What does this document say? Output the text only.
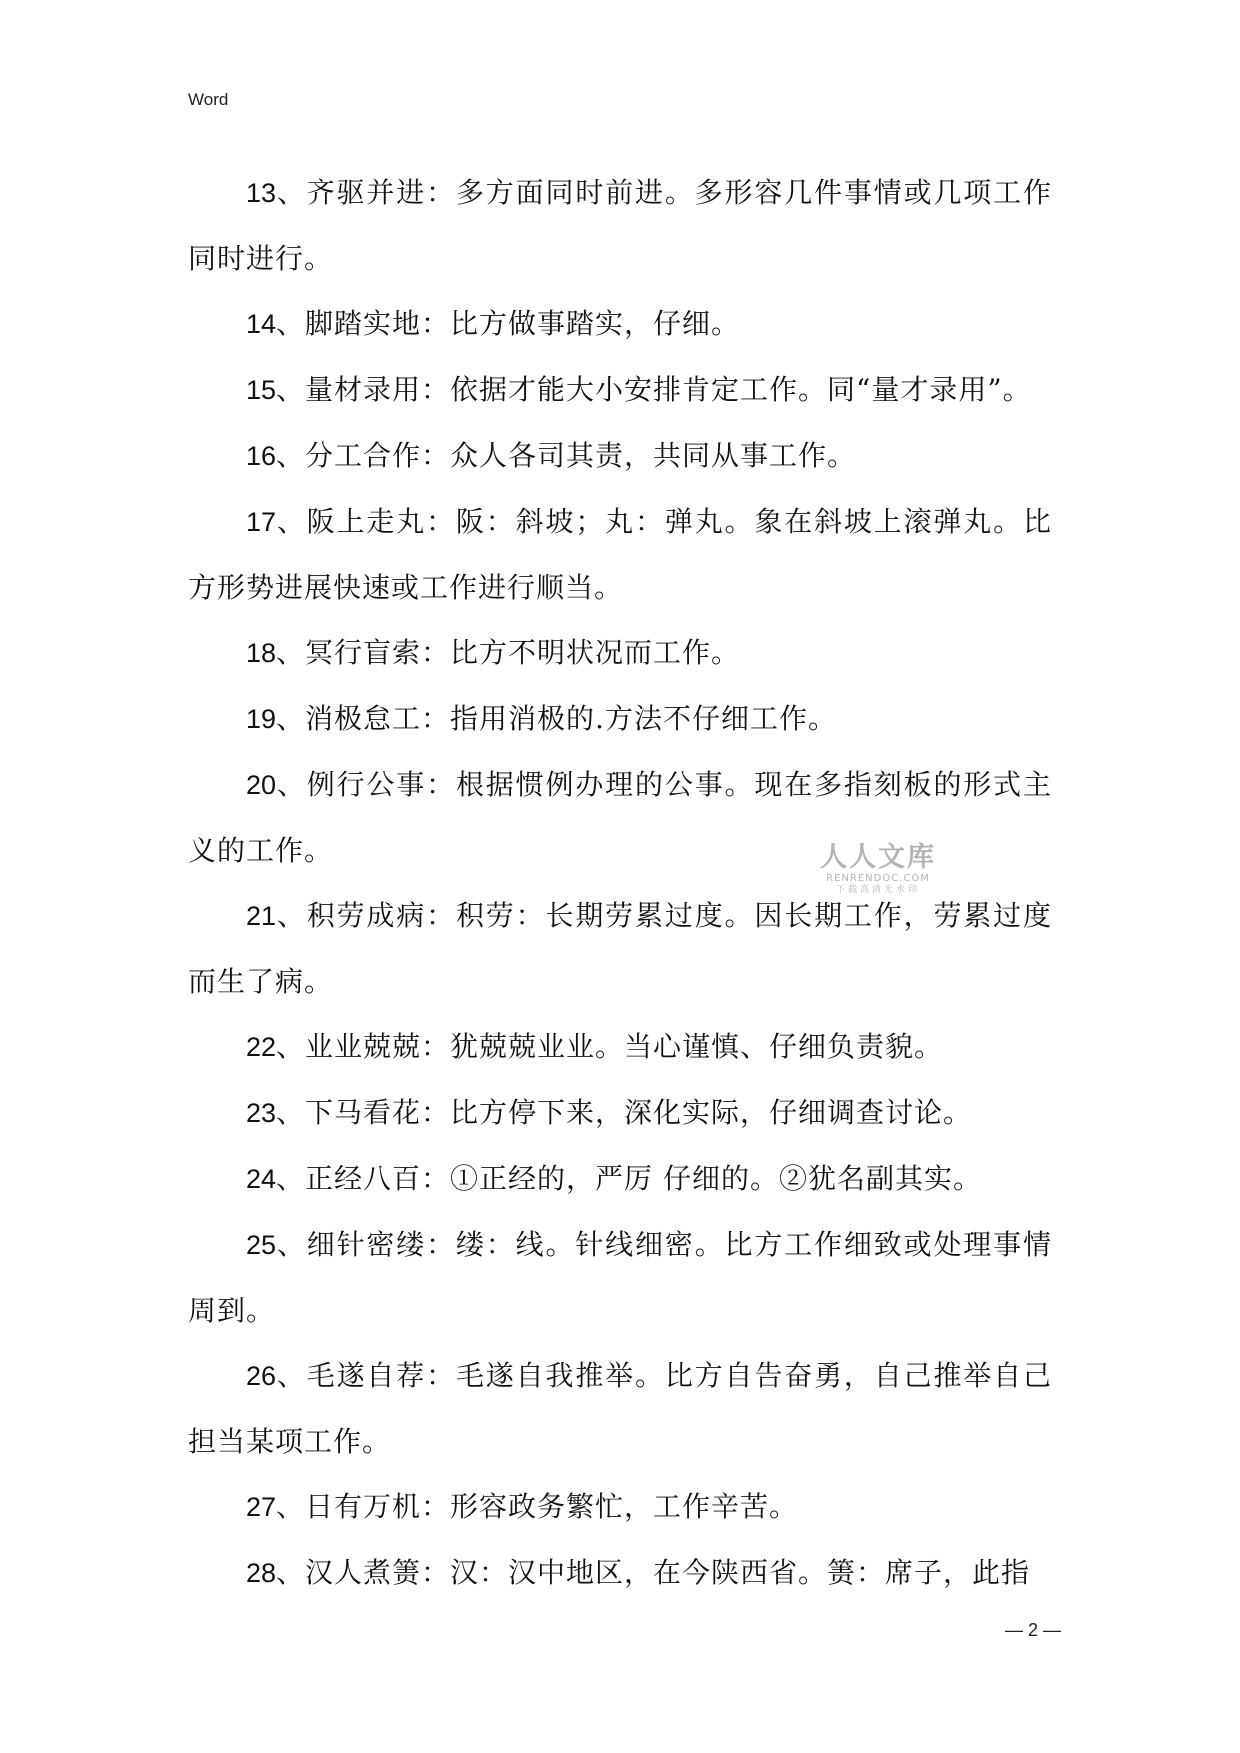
Word

13、齐驱并进：多方面同时前进。多形容几件事情或几项工作同时进行。

14、脚踏实地：比方做事踏实，仔细。

15、量材录用：依据才能大小安排肯定工作。同“量才录用”。

16、分工合作：众人各司其责，共同从事工作。

17、阪上走丸：阪：斜坡；丸：弹丸。象在斜坡上滚弹丸。比方形势进展快速或工作进行顺当。

18、冥行盲索：比方不明状况而工作。

19、消极怠工：指用消极的.方法不仔细工作。

20、例行公事：根据惯例办理的公事。现在多指刻板的形式主义的工作。

21、积劳成病：积劳：长期劳累过度。因长期工作，劳累过度而生了病。

22、业业兢兢：犹兢兢业业。当心谨慎、仔细负责貌。

23、下马看花：比方停下来，深化实际，仔细调查讨论。

24、正经八百：①正经的，严厉 仔细的。②犹名副其实。

25、细针密缕：缕：线。针线细密。比方工作细致或处理事情周到。

26、毛遂自荐：毛遂自我推举。比方自告奋勇，自己推举自己担当某项工作。

27、日有万机：形容政务繁忙，工作辛苦。

28、汉人煮箦：汉：汉中地区，在今陕西省。箦：席子，此指

人人文库
RENRENDOC.COM
下载高清无水印
— 2 —
